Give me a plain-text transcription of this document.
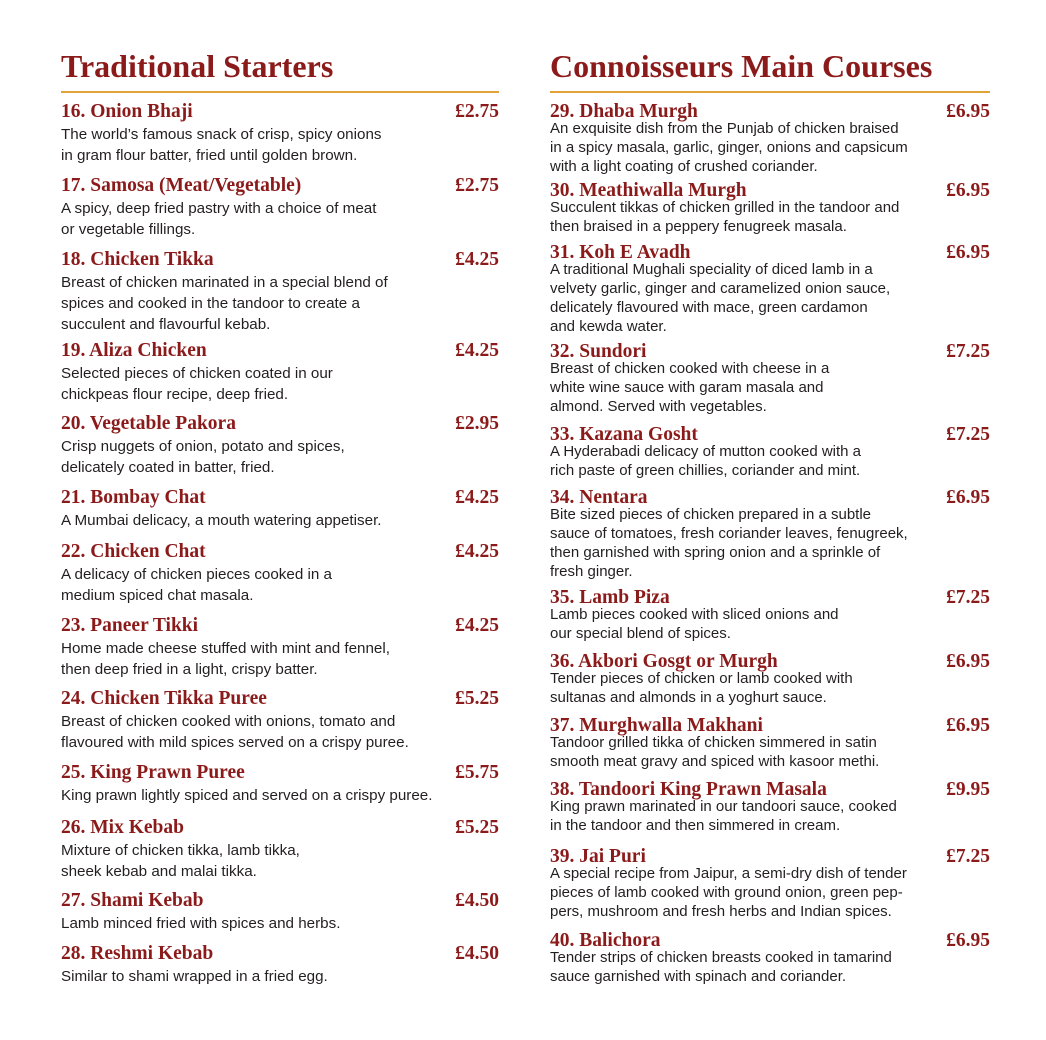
Traditional Starters
16. Onion Bhaji	£2.75
The world’s famous snack of crisp, spicy onions
in gram flour batter, fried until golden brown.
17. Samosa (Meat/Vegetable)	£2.75
A spicy, deep fried pastry with a choice of meat
or vegetable fillings.
18. Chicken Tikka	£4.25
Breast of chicken marinated in a special blend of
spices and cooked in the tandoor to create a
succulent and flavourful kebab.
19. Aliza Chicken	£4.25
Selected pieces of chicken coated in our
chickpeas flour recipe, deep fried.
20. Vegetable Pakora	£2.95
Crisp nuggets of onion, potato and spices,
delicately coated in batter, fried.
21. Bombay Chat	£4.25
A Mumbai delicacy, a mouth watering appetiser.
22. Chicken Chat	£4.25
A delicacy of chicken pieces cooked in a
medium spiced chat masala.
23. Paneer Tikki	£4.25
Home made cheese stuffed with mint and fennel,
then deep fried in a light, crispy batter.
24. Chicken Tikka Puree	£5.25
Breast of chicken cooked with onions, tomato and
flavoured with mild spices served on a crispy puree.
25. King Prawn Puree	£5.75
King prawn lightly spiced and served on a crispy puree.
26. Mix Kebab	£5.25
Mixture of chicken tikka, lamb tikka,
sheek kebab and malai tikka.
27. Shami Kebab	£4.50
Lamb minced fried with spices and herbs.
28. Reshmi Kebab	£4.50
Similar to shami wrapped in a fried egg.
Connoisseurs Main Courses
29. Dhaba Murgh	£6.95
An exquisite dish from the Punjab of chicken braised
in a spicy masala, garlic, ginger, onions and capsicum
with a light coating of crushed coriander.
30. Meathiwalla Murgh	£6.95
Succulent tikkas of chicken grilled in the tandoor and
then braised in a peppery fenugreek masala.
31. Koh E Avadh	£6.95
A traditional Mughali speciality of diced lamb in a
velvety garlic, ginger and caramelized onion sauce,
delicately flavoured with mace, green cardamon
and kewda water.
32. Sundori	£7.25
Breast of chicken cooked with cheese in a
white wine sauce with garam masala and
almond. Served with vegetables.
33. Kazana Gosht	£7.25
A Hyderabadi delicacy of mutton cooked with a
rich paste of green chillies, coriander and mint.
34. Nentara	£6.95
Bite sized pieces of chicken prepared in a subtle
sauce of tomatoes, fresh coriander leaves, fenugreek,
then garnished with spring onion and a sprinkle of
fresh ginger.
35. Lamb Piza	£7.25
Lamb pieces cooked with sliced onions and
our special blend of spices.
36. Akbori Gosgt or Murgh	£6.95
Tender pieces of chicken or lamb cooked with
sultanas and almonds in a yoghurt sauce.
37. Murghwalla Makhani	£6.95
Tandoor grilled tikka of chicken simmered in satin
smooth meat gravy and spiced with kasoor methi.
38. Tandoori King Prawn Masala	£9.95
King prawn marinated in our tandoori sauce, cooked
in the tandoor and then simmered in cream.
39. Jai Puri	£7.25
A special recipe from Jaipur, a semi-dry dish of tender
pieces of lamb cooked with ground onion, green pep-
pers, mushroom and fresh herbs and Indian spices.
40. Balichora	£6.95
Tender strips of chicken breasts cooked in tamarind
sauce garnished with spinach and coriander.
